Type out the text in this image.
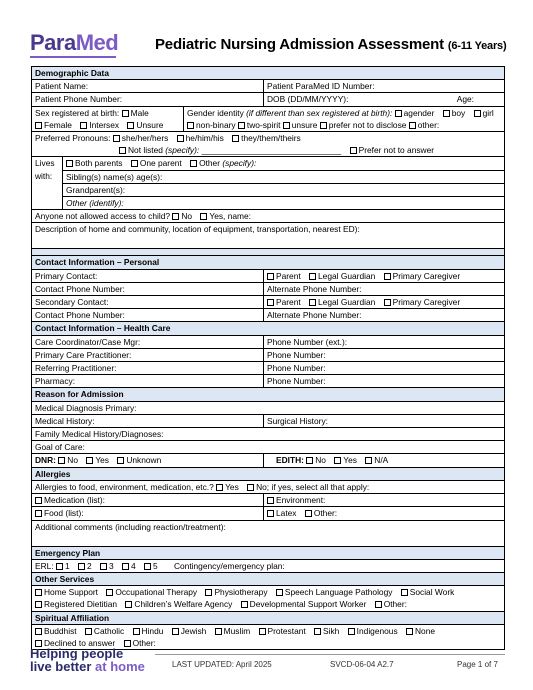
ParaMed Pediatric Nursing Admission Assessment (6-11 Years)
Demographic Data
Patient Name:	Patient ParaMed ID Number:
Patient Phone Number:	DOB (DD/MM/YYYY):	Age:
Sex registered at birth: Male
Female Intersex Unsure
Gender identity (if different than sex registered at birth): agender boy girl
non-binary two-spirit unsure prefer not to disclose other:
Preferred Pronouns: she/her/hers he/him/his they/them/theirs
Not listed (specify): ______________________________ Prefer not to answer
Lives with:
Both parents One parent Other (specify):
Sibling(s) name(s) age(s):
Grandparent(s):
Other (identify):
Anyone not allowed access to child? No Yes, name:
Description of home and community, location of equipment, transportation, nearest ED):
Contact Information – Personal
Primary Contact:	Parent Legal Guardian Primary Caregiver
Contact Phone Number:	Alternate Phone Number:
Secondary Contact:	Parent Legal Guardian Primary Caregiver
Contact Phone Number:	Alternate Phone Number:
Contact Information – Health Care
Care Coordinator/Case Mgr:	Phone Number (ext.):
Primary Care Practitioner:	Phone Number:
Referring Practitioner:	Phone Number:
Pharmacy:	Phone Number:
Reason for Admission
Medical Diagnosis Primary:
Medical History:	Surgical History:
Family Medical History/Diagnoses:
Goal of Care:
DNR: No Yes Unknown	EDITH: No Yes N/A
Allergies
Allergies to food, environment, medication, etc.? Yes No; if yes, select all that apply:
Medication (list):	Environment:
Food (list):	Latex Other:
Additional comments (including reaction/treatment):
Emergency Plan
ERL: 1 2 3 4 5 Contingency/emergency plan:
Other Services
Home Support Occupational Therapy Physiotherapy Speech Language Pathology Social Work
Registered Dietitian Children’s Welfare Agency Developmental Support Worker Other:
Spiritual Affiliation
Buddhist Catholic Hindu Jewish Muslim Protestant Sikh Indigenous None
Declined to answer Other:
Helping people
live better at home	LAST UPDATED: April 2025	SVCD-06-04 A2.7	Page 1 of 7
